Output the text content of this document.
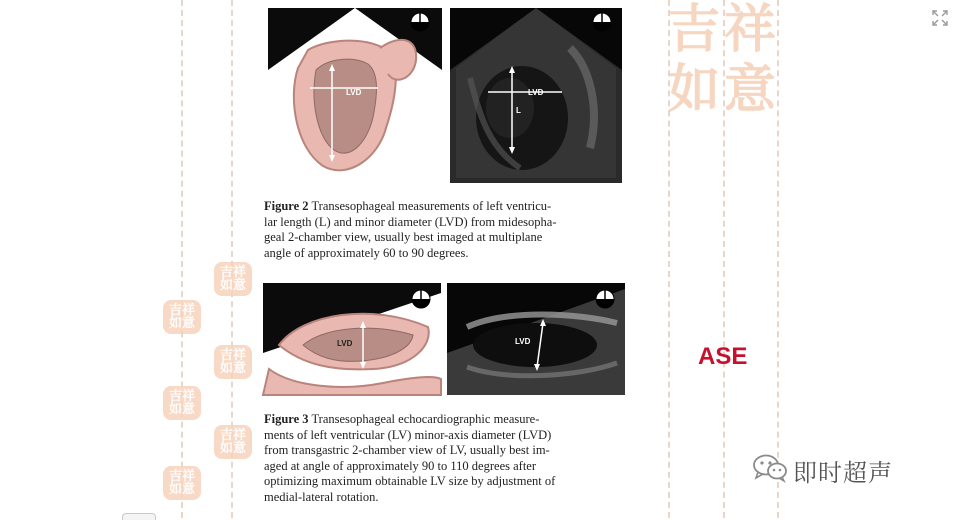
吉祥
如意
吉祥
如意
吉祥
如意
吉祥
如意
吉祥
如意
吉祥
如意
吉祥
如意
LVD	LVD
L
Figure 2 Transesophageal measurements of left ventricu-
lar length (L) and minor diameter (LVD) from midesopha-
geal 2-chamber view, usually best imaged at multiplane
angle of approximately 60 to 90 degrees.
LVD	LVD
Figure 3 Transesophageal echocardiographic measure-
ments of left ventricular (LV) minor-axis diameter (LVD)
from transgastric 2-chamber view of LV, usually best im-
aged at angle of approximately 90 to 110 degrees after
optimizing maximum obtainable LV size by adjustment of
medial-lateral rotation.
ASE
即时超声
